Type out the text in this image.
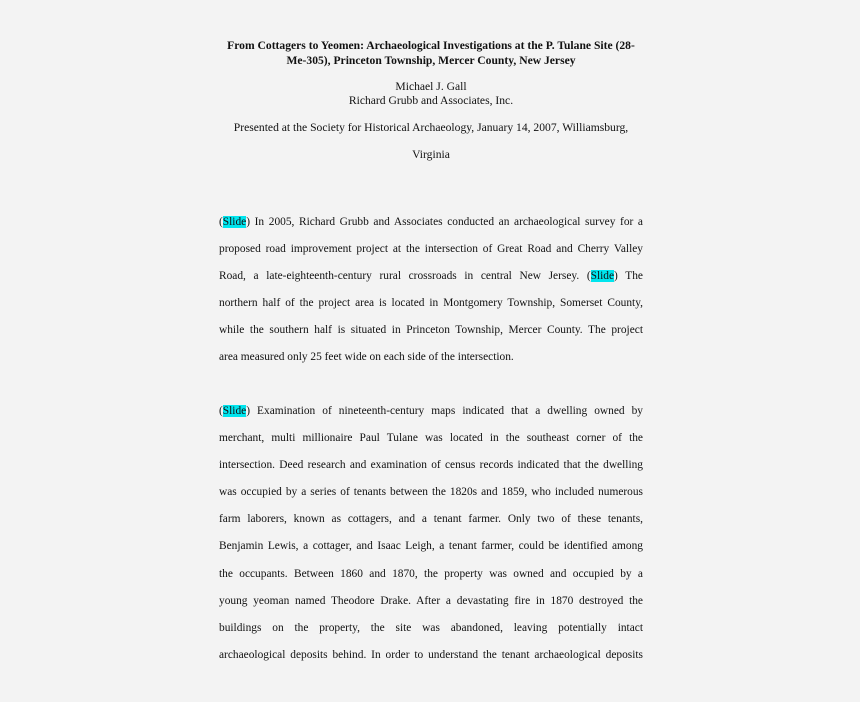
From Cottagers to Yeomen: Archaeological Investigations at the P. Tulane Site (28-
Me-305), Princeton Township, Mercer County, New Jersey
Michael J. Gall
Richard Grubb and Associates, Inc.
Presented at the Society for Historical Archaeology, January 14, 2007, Williamsburg,
Virginia
(Slide) In 2005, Richard Grubb and Associates conducted an archaeological survey for a
proposed road improvement project at the intersection of Great Road and Cherry Valley
Road, a late-eighteenth-century rural crossroads in central New Jersey. (Slide) The
northern half of the project area is located in Montgomery Township, Somerset County,
while the southern half is situated in Princeton Township, Mercer County. The project
area measured only 25 feet wide on each side of the intersection.
(Slide) Examination of nineteenth-century maps indicated that a dwelling owned by
merchant, multi millionaire Paul Tulane was located in the southeast corner of the
intersection. Deed research and examination of census records indicated that the dwelling
was occupied by a series of tenants between the 1820s and 1859, who included numerous
farm laborers, known as cottagers, and a tenant farmer. Only two of these tenants,
Benjamin Lewis, a cottager, and Isaac Leigh, a tenant farmer, could be identified among
the occupants. Between 1860 and 1870, the property was owned and occupied by a
young yeoman named Theodore Drake. After a devastating fire in 1870 destroyed the
buildings on the property, the site was abandoned, leaving potentially intact
archaeological deposits behind. In order to understand the tenant archaeological deposits
